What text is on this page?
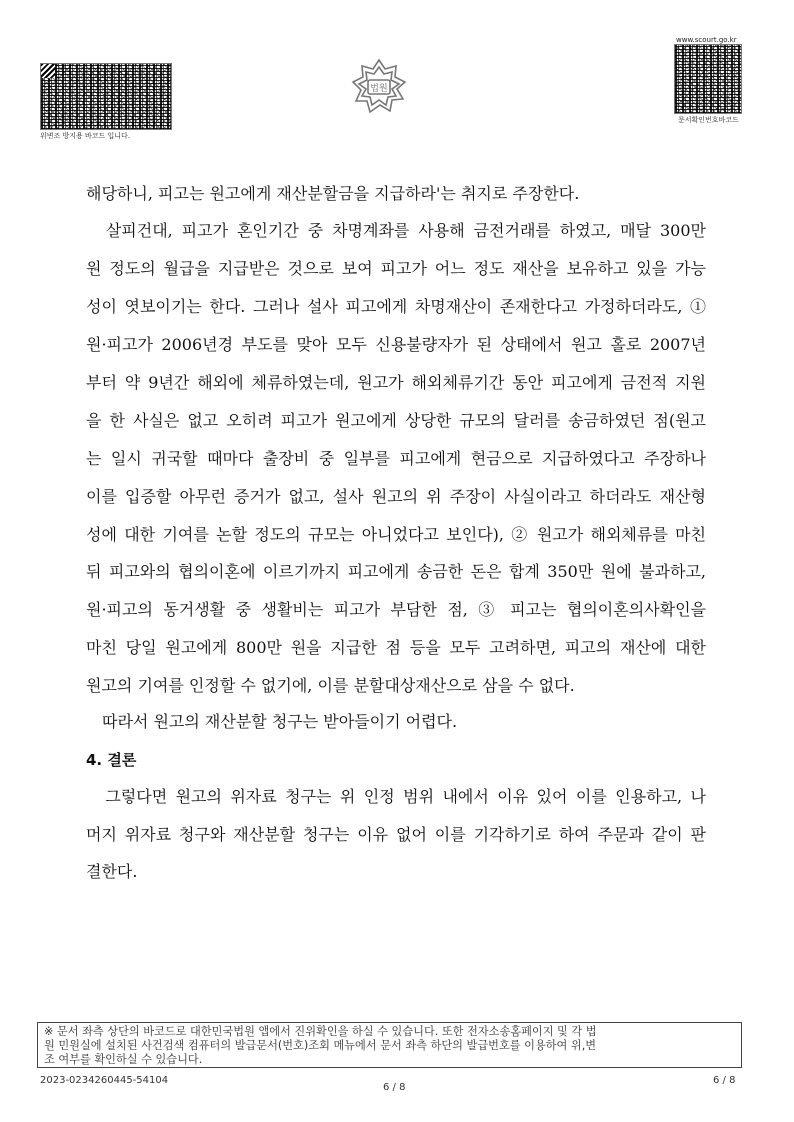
위변조 방지용 바코드 입니다.
법원
www.scourt.go.kr
문서확인번호바코드
해당하니, 피고는 원고에게 재산분할금을 지급하라'는 취지로 주장한다.
　살피건대, 피고가 혼인기간 중 차명계좌를 사용해 금전거래를 하였고, 매달 300만
원 정도의 월급을 지급받은 것으로 보여 피고가 어느 정도 재산을 보유하고 있을 가능
성이 엿보이기는 한다. 그러나 설사 피고에게 차명재산이 존재한다고 가정하더라도, ①
원·피고가 2006년경 부도를 맞아 모두 신용불량자가 된 상태에서 원고 홀로 2007년
부터 약 9년간 해외에 체류하였는데, 원고가 해외체류기간 동안 피고에게 금전적 지원
을 한 사실은 없고 오히려 피고가 원고에게 상당한 규모의 달러를 송금하였던 점(원고
는 일시 귀국할 때마다 출장비 중 일부를 피고에게 현금으로 지급하였다고 주장하나
이를 입증할 아무런 증거가 없고, 설사 원고의 위 주장이 사실이라고 하더라도 재산형
성에 대한 기여를 논할 정도의 규모는 아니었다고 보인다), ② 원고가 해외체류를 마친
뒤 피고와의 협의이혼에 이르기까지 피고에게 송금한 돈은 합계 350만 원에 불과하고,
원·피고의 동거생활 중 생활비는 피고가 부담한 점, ③ 피고는 협의이혼의사확인을
마친 당일 원고에게 800만 원을 지급한 점 등을 모두 고려하면, 피고의 재산에 대한
원고의 기여를 인정할 수 없기에, 이를 분할대상재산으로 삼을 수 없다.
　따라서 원고의 재산분할 청구는 받아들이기 어렵다.
4. 결론
　그렇다면 원고의 위자료 청구는 위 인정 범위 내에서 이유 있어 이를 인용하고, 나
머지 위자료 청구와 재산분할 청구는 이유 없어 이를 기각하기로 하여 주문과 같이 판
결한다.
※ 문서 좌측 상단의 바코드로 대한민국법원 앱에서 진위확인을 하실 수 있습니다. 또한 전자소송홈페이지 및 각 법
원 민원실에 설치된 사건검색 컴퓨터의 발급문서(번호)조회 메뉴에서 문서 좌측 하단의 발급번호를 이용하여 위,변
조 여부를 확인하실 수 있습니다.
2023-0234260445-54104
6 / 8
6 / 8
